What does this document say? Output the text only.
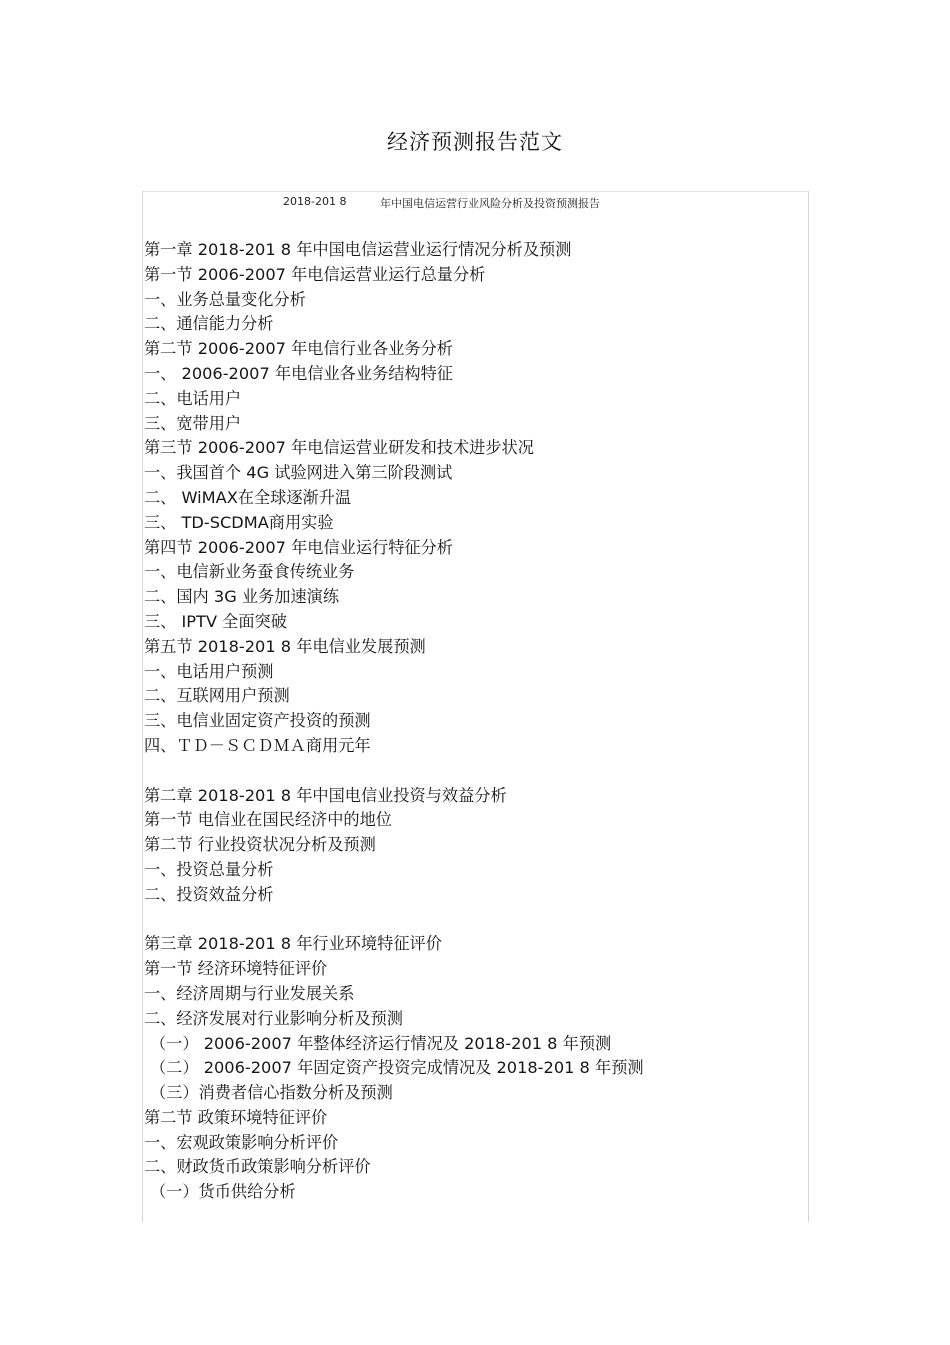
经济预测报告范文
2018-201 8	年中国电信运营行业风险分析及投资预测报告
第一章 2018-201 8 年中国电信运营业运行情况分析及预测
第一节 2006-2007 年电信运营业运行总量分析
一、业务总量变化分析
二、通信能力分析
第二节 2006-2007 年电信行业各业务分析
一、 2006-2007 年电信业各业务结构特征
二、电话用户
三、宽带用户
第三节 2006-2007 年电信运营业研发和技术进步状况
一、我国首个 4G 试验网进入第三阶段测试
二、 WiMAX在全球逐渐升温
三、 TD-SCDMA商用实验
第四节 2006-2007 年电信业运行特征分析
一、电信新业务蚕食传统业务
二、国内 3G 业务加速演练
三、 IPTV 全面突破
第五节 2018-201 8 年电信业发展预测
一、电话用户预测
二、互联网用户预测
三、电信业固定资产投资的预测
四、ＴＤ－ＳＣＤＭＡ商用元年
第二章 2018-201 8 年中国电信业投资与效益分析
第一节 电信业在国民经济中的地位
第二节 行业投资状况分析及预测
一、投资总量分析
二、投资效益分析
第三章 2018-201 8 年行业环境特征评价
第一节 经济环境特征评价
一、经济周期与行业发展关系
二、经济发展对行业影响分析及预测
（一） 2006-2007 年整体经济运行情况及 2018-201 8 年预测
（二） 2006-2007 年固定资产投资完成情况及 2018-201 8 年预测
（三）消费者信心指数分析及预测
第二节 政策环境特征评价
一、宏观政策影响分析评价
二、财政货币政策影响分析评价
（一）货币供给分析
